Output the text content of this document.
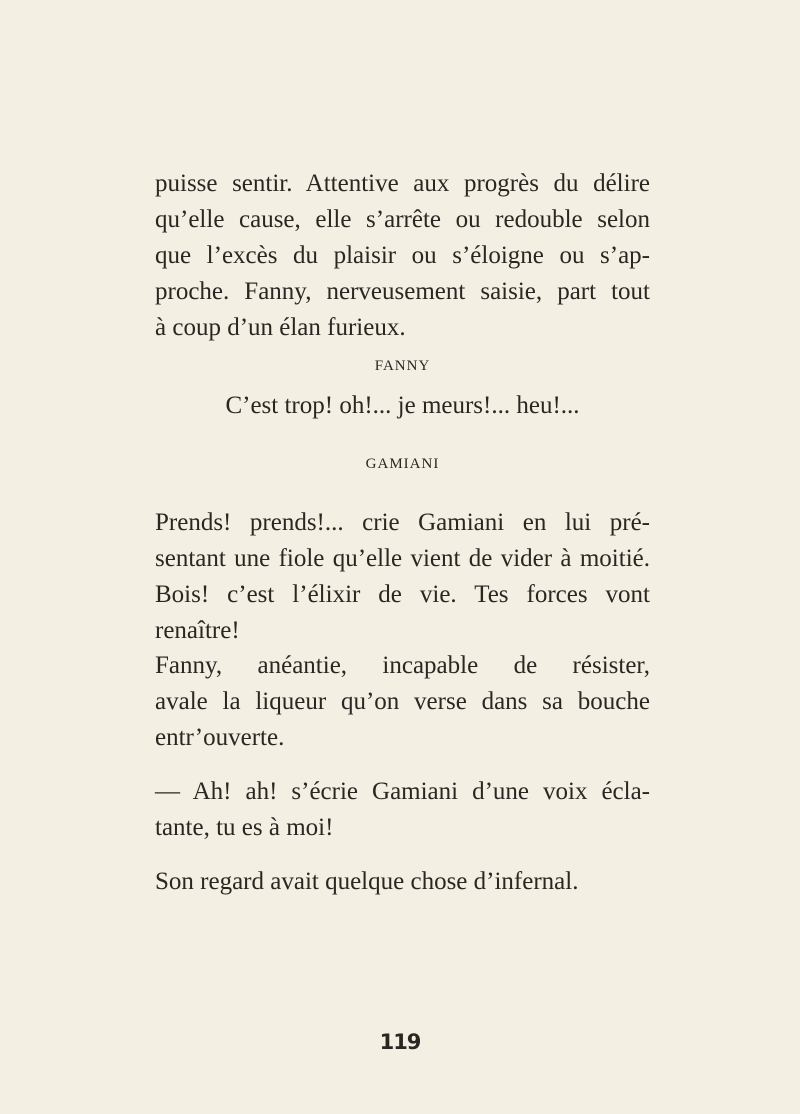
puisse sentir. Attentive aux progrès du délire
qu’elle cause, elle s’arrête ou redouble selon
que l’excès du plaisir ou s’éloigne ou s’ap-
proche. Fanny, nerveusement saisie, part tout
à coup d’un élan furieux.
FANNY
C’est trop! oh!... je meurs!... heu!...
GAMIANI
Prends! prends!... crie Gamiani en lui pré-
sentant une fiole qu’elle vient de vider à moitié.
Bois! c’est l’élixir de vie. Tes forces vont
renaître!
Fanny, anéantie, incapable de résister,
avale la liqueur qu’on verse dans sa bouche
entr’ouverte.
— Ah! ah! s’écrie Gamiani d’une voix écla-
tante, tu es à moi!
Son regard avait quelque chose d’infernal.
119
